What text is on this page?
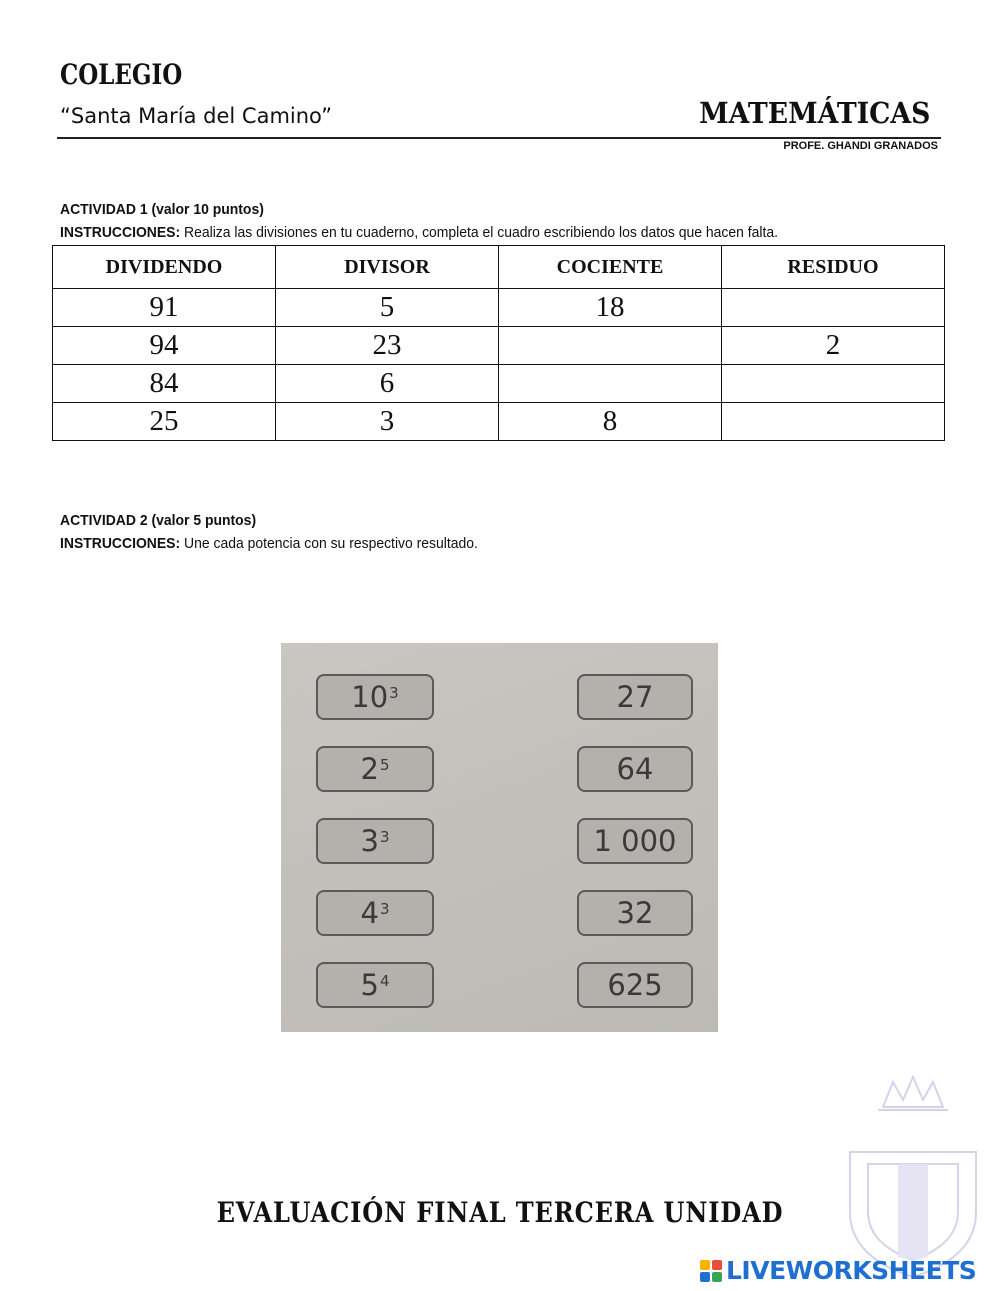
COLEGIO
“Santa María del Camino”	MATEMÁTICAS
PROFE. GHANDI GRANADOS
ACTIVIDAD 1 (valor 10 puntos)
INSTRUCCIONES: Realiza las divisiones en tu cuaderno, completa el cuadro escribiendo los datos que hacen falta.
DIVIDENDO	DIVISOR	COCIENTE	RESIDUO
91	5	18	
94	23		2
84	6		
25	3	8	
ACTIVIDAD 2 (valor 5 puntos)
INSTRUCCIONES: Une cada potencia con su respectivo resultado.
$10^3$
$2^5$
$3^3$
$4^3$
$5^4$
27
64
1 000
32
625
EVALUACIÓN FINAL TERCERA UNIDAD
LIVEWORKSHEETS
